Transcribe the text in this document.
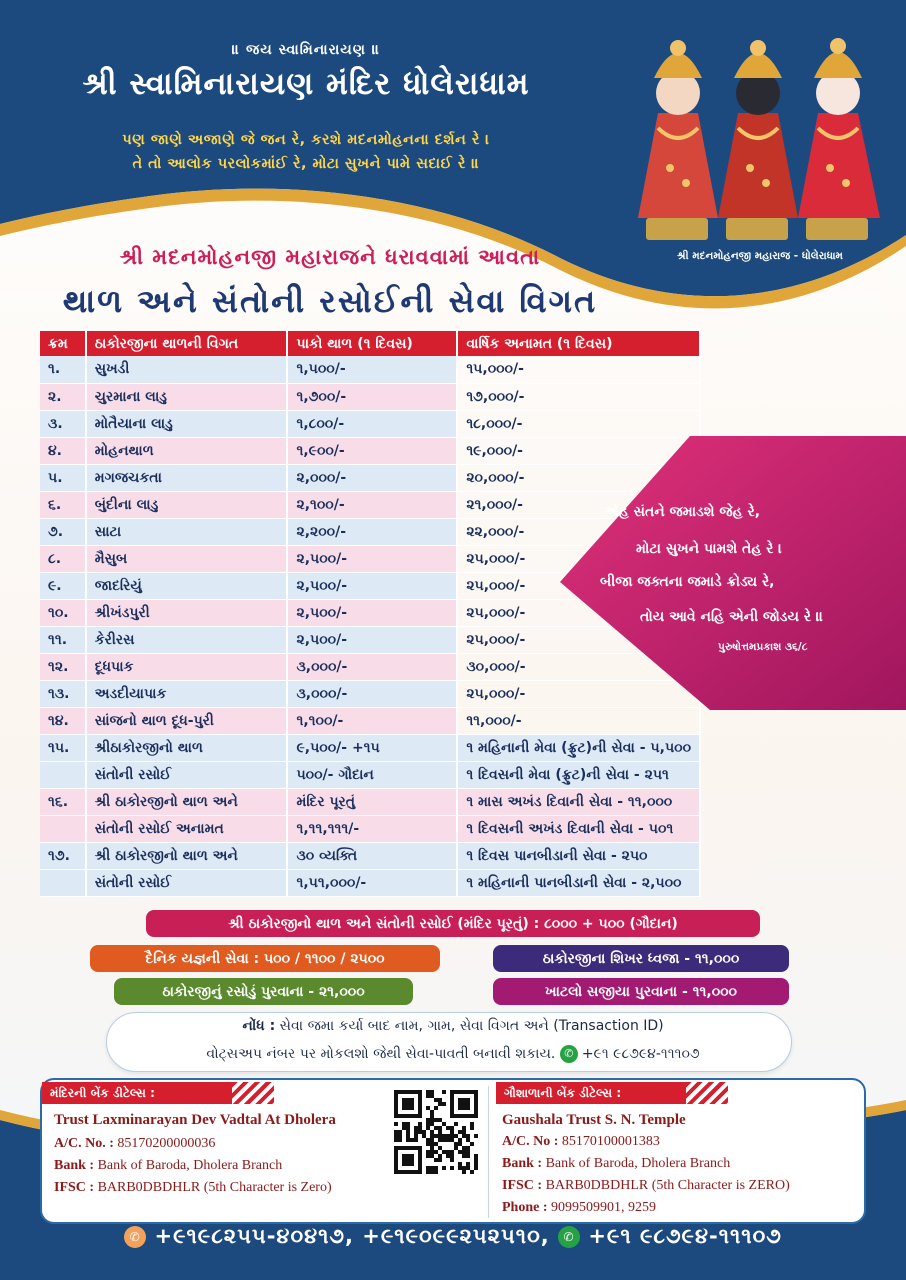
॥ જય સ્વામિનારાયણ ॥
શ્રી સ્વામિનારાયણ મંદિર ધોલેરાધામ
પણ જાણે અજાણે જે જન રે, કરશે મદનમોહનના દર્શન રે ।
તે તો આલોક પરલોકમાંઈ રે, મોટા સુખને પામે સદાઈ રે ॥
શ્રી મદનમોહનજી મહારાજ - ધોલેરાધામ
શ્રી મદનમોહનજી મહારાજને ધરાવવામાં આવતા
થાળ અને સંતોની રસોઈની સેવા વિગત
ક્રમ	ઠાકોરજીના થાળની વિગત	પાકો થાળ (૧ દિવસ)	વાર્ષિક અનામત (૧ દિવસ)
૧.	સુખડી	૧,૫૦૦/-	૧૫,૦૦૦/-
૨.	ચુરમાના લાડુ	૧,૭૦૦/-	૧૭,૦૦૦/-
૩.	મોતૈયાના લાડુ	૧,૮૦૦/-	૧૮,૦૦૦/-
૪.	મોહનથાળ	૧,૯૦૦/-	૧૯,૦૦૦/-
૫.	મગજચકતા	૨,૦૦૦/-	૨૦,૦૦૦/-
૬.	બુંદીના લાડુ	૨,૧૦૦/-	૨૧,૦૦૦/-
૭.	સાટા	૨,૨૦૦/-	૨૨,૦૦૦/-
૮.	મૈસુબ	૨,૫૦૦/-	૨૫,૦૦૦/-
૯.	જાદરિયું	૨,૫૦૦/-	૨૫,૦૦૦/-
૧૦.	શ્રીખંડપુરી	૨,૫૦૦/-	૨૫,૦૦૦/-
૧૧.	કેરીરસ	૨,૫૦૦/-	૨૫,૦૦૦/-
૧૨.	દૂધપાક	૩,૦૦૦/-	૩૦,૦૦૦/-
૧૩.	અડદીયાપાક	૩,૦૦૦/-	૨૫,૦૦૦/-
૧૪.	સાંજનો થાળ દૂધ-પુરી	૧,૧૦૦/-	૧૧,૦૦૦/-
૧૫.	શ્રીઠાકોરજીનો થાળ	૯,૫૦૦/- +૧૫	૧ મહિનાની મેવા (ફ્રુટ)ની સેવા - ૫,૫૦૦
	સંતોની રસોઈ	૫૦૦/- ગૌદાન	૧ દિવસની મેવા (ફ્રુટ)ની સેવા - ૨૫૧
૧૬.	શ્રી ઠાકોરજીનો થાળ અને	મંદિર પૂરતું	૧ માસ અખંડ દિવાની સેવા - ૧૧,૦૦૦
	સંતોની રસોઈ અનામત	૧,૧૧,૧૧૧/-	૧ દિવસની અખંડ દિવાની સેવા - ૫૦૧
૧૭.	શ્રી ઠાકોરજીનો થાળ અને	૩૦ વ્યક્તિ	૧ દિવસ પાનબીડાની સેવા - ૨૫૦
	સંતોની રસોઈ	૧,૫૧,૦૦૦/-	૧ મહિનાની પાનબીડાની સેવા - ૨,૫૦૦
એહ સંતને જમાડશે જેહ રે,
મોટા સુખને પામશે તેહ રે ।
બીજા જક્તના જમાડે ક્રોડ્ય રે,
તોય આવે નહિ એની જોડય રે ॥
પુરુષોત્તમપ્રકાશ ૩૬/૮
શ્રી ઠાકોરજીનો થાળ અને સંતોની રસોઈ (મંદિર પૂરતું) : ૮૦૦૦ + ૫૦૦ (ગૌદાન)
દૈનિક યજ્ઞની સેવા : ૫૦૦ / ૧૧૦૦ / ૨૫૦૦	ઠાકોરજીના શિખર ધ્વજા - ૧૧,૦૦૦
ઠાકોરજીનું રસોડું પુરવાના - ૨૧,૦૦૦	ખાટલો સજીયા પુરવાના - ૧૧,૦૦૦
નોંધ : સેવા જમા કર્યા બાદ નામ, ગામ, સેવા વિગત અને (Transaction ID)
વોટ્સઅપ નંબર પર મોકલશો જેથી સેવા-પાવતી બનાવી શકાય. ✆ +૯૧ ૯૮૭૯૪-૧૧૧૦૭
મંદિરની બેંક ડીટેલ્સ :	ગૌશાળાની બેંક ડીટેલ્સ :
Trust Laxminarayan Dev Vadtal At Dholera
A/C. No. : 85170200000036
Bank : Bank of Baroda, Dholera Branch
IFSC : BARB0DBDHLR (5th Character is Zero)
Gaushala Trust S. N. Temple
A/C. No : 85170100001383
Bank : Bank of Baroda, Dholera Branch
IFSC : BARB0DBDHLR (5th Character is ZERO)
Phone : 9099509901, 9259
✆ +૯૧૯૮૨૫૫-૪૦૪૧૭, +૯૧૯૦૯૯૨૫૨૫૧૦, ✆ +૯૧ ૯૮૭૯૪-૧૧૧૦૭
